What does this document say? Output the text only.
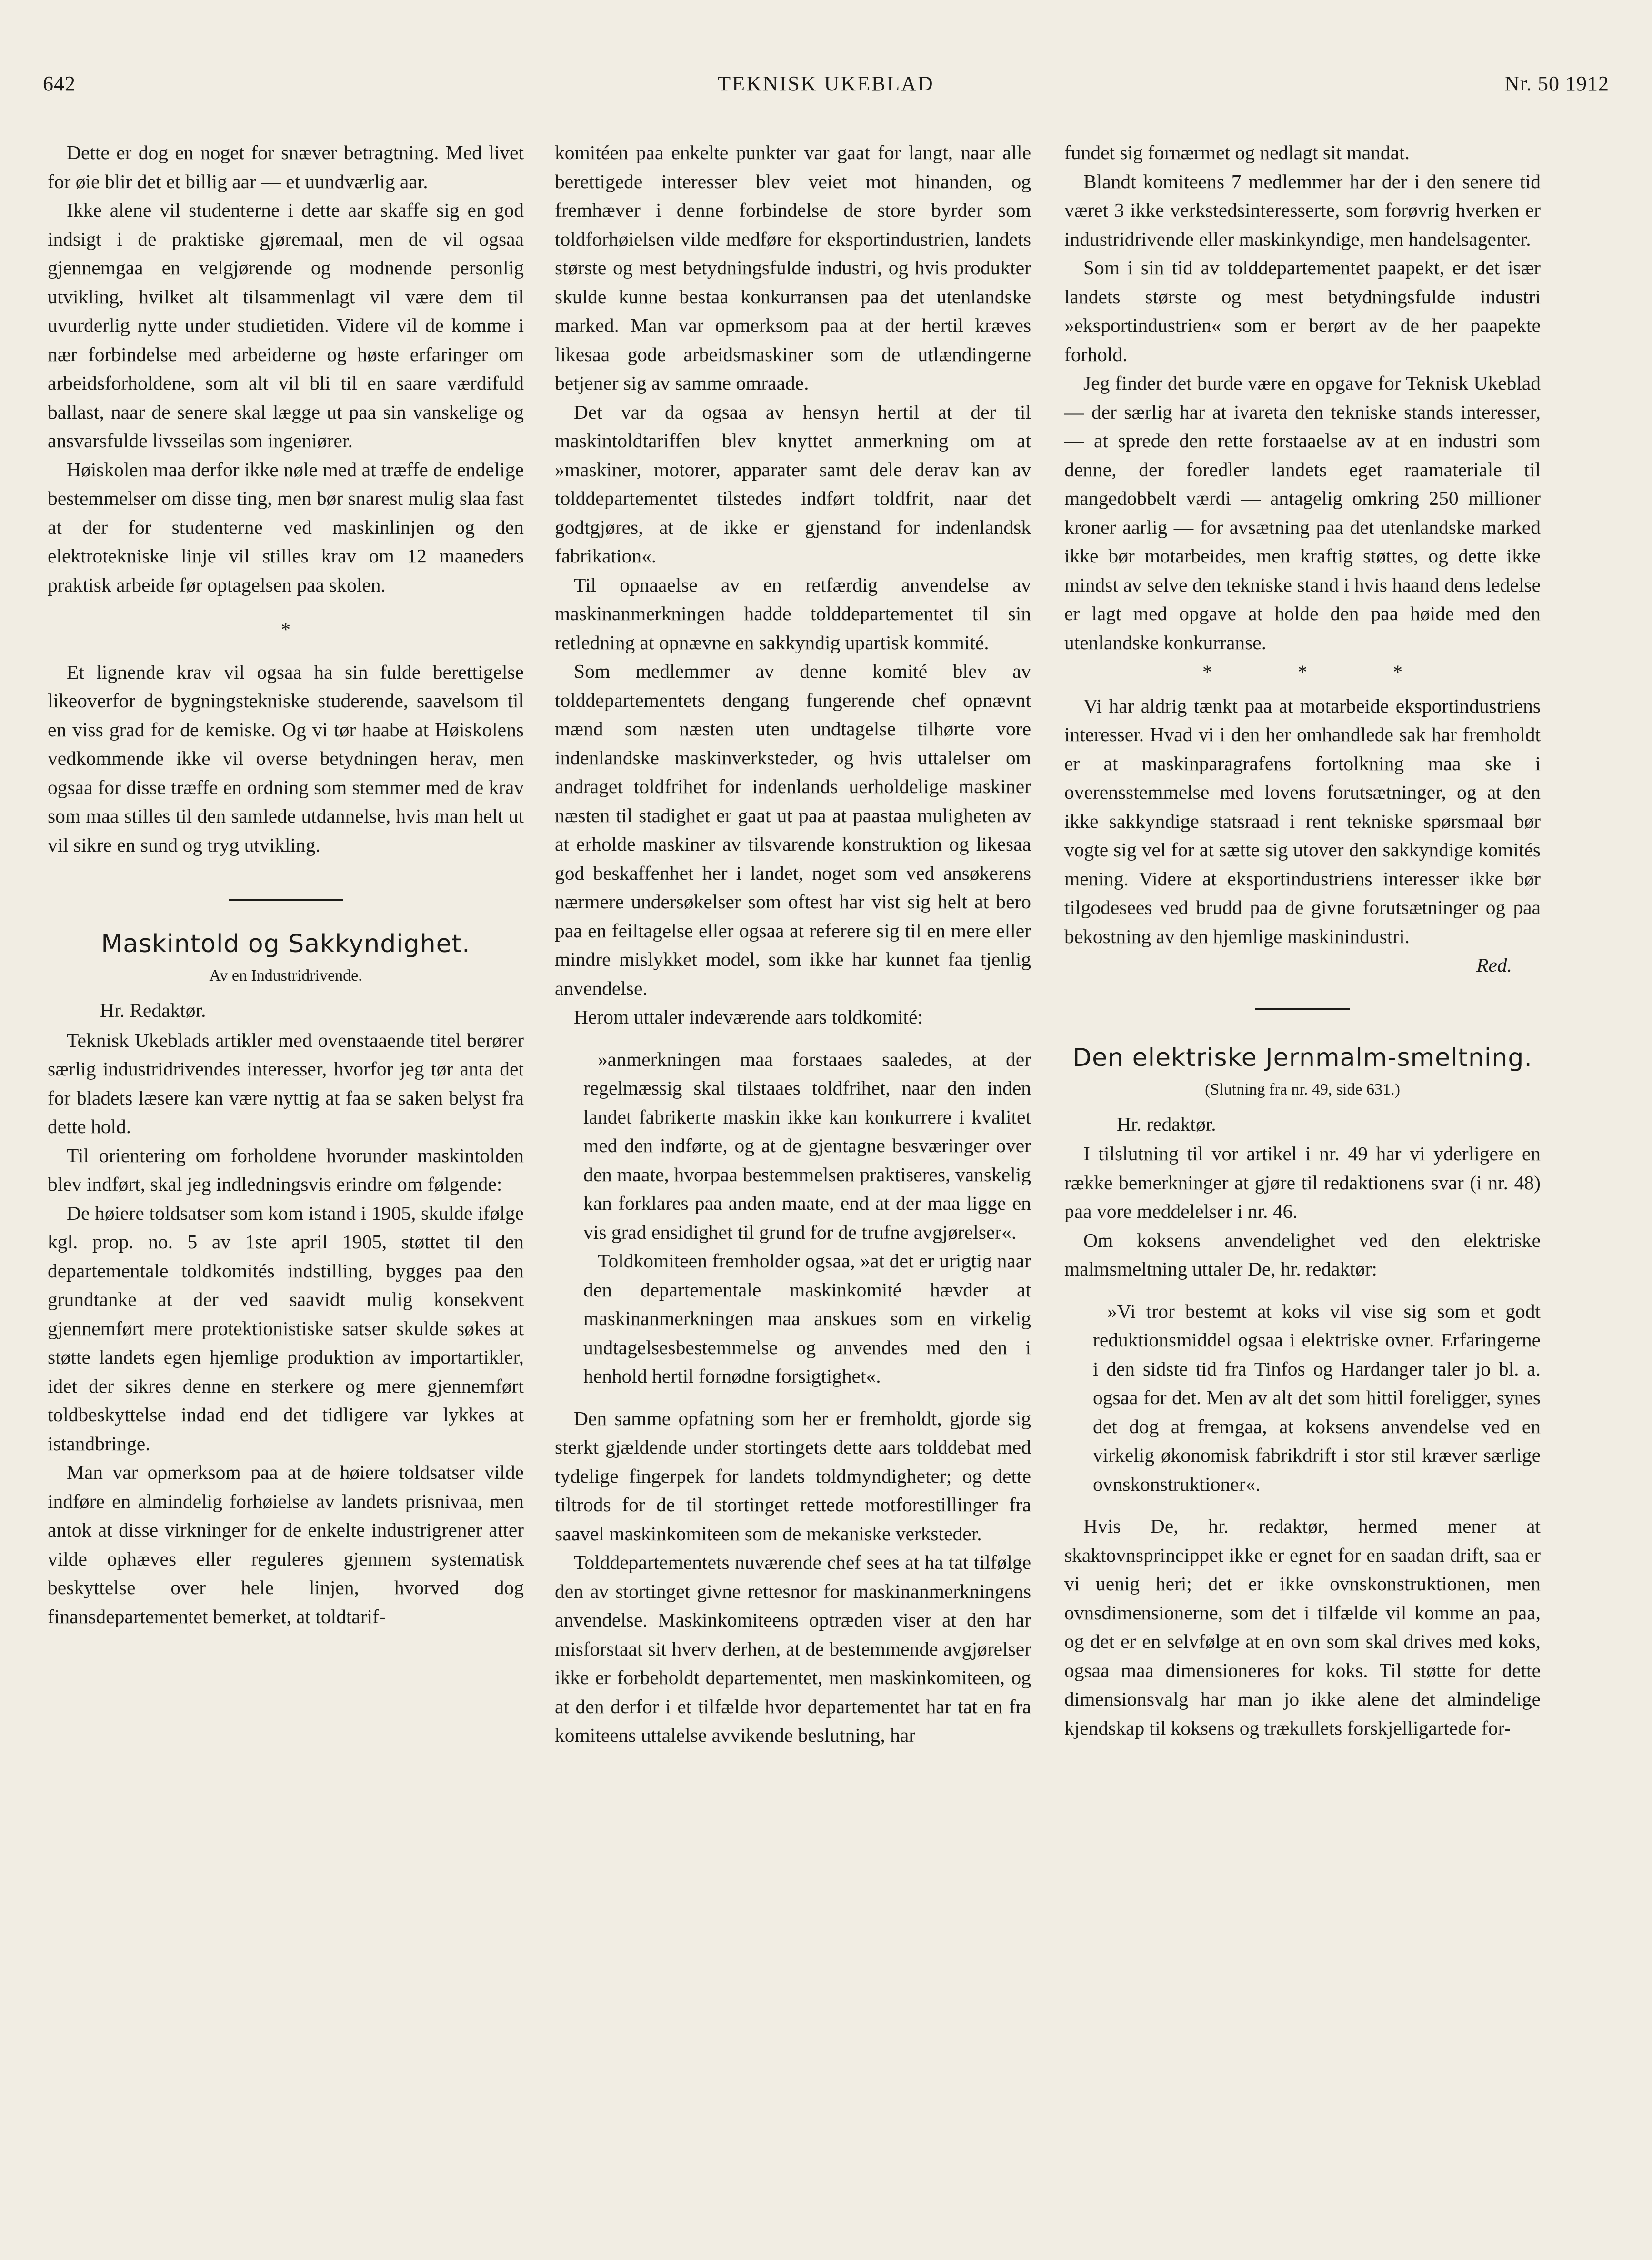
642	TEKNISK UKEBLAD	Nr. 50 1912

Dette er dog en noget for snæver betragtning. Med livet for øie blir det et billig aar — et uundværlig aar.

Ikke alene vil studenterne i dette aar skaffe sig en god indsigt i de praktiske gjøremaal, men de vil ogsaa gjennemgaa en velgjørende og modnende personlig utvikling, hvilket alt tilsammenlagt vil være dem til uvurderlig nytte under studietiden. Videre vil de komme i nær forbindelse med arbeiderne og høste erfaringer om arbeidsforholdene, som alt vil bli til en saare værdifuld ballast, naar de senere skal lægge ut paa sin vanskelige og ansvarsfulde livsseilas som ingeniører.

Høiskolen maa derfor ikke nøle med at træffe de endelige bestemmelser om disse ting, men bør snarest mulig slaa fast at der for studenterne ved maskinlinjen og den elektrotekniske linje vil stilles krav om 12 maaneders praktisk arbeide før optagelsen paa skolen.

*

Et lignende krav vil ogsaa ha sin fulde berettigelse likeoverfor de bygningstekniske studerende, saavelsom til en viss grad for de kemiske. Og vi tør haabe at Høiskolens vedkommende ikke vil overse betydningen herav, men ogsaa for disse træffe en ordning som stemmer med de krav som maa stilles til den samlede utdannelse, hvis man helt ut vil sikre en sund og tryg utvikling.

Maskintold og Sakkyndighet.
Av en Industridrivende.

Hr. Redaktør.

Teknisk Ukeblads artikler med ovenstaaende titel berører særlig industridrivendes interesser, hvorfor jeg tør anta det for bladets læsere kan være nyttig at faa se saken belyst fra dette hold.

Til orientering om forholdene hvorunder maskintolden blev indført, skal jeg indledningsvis erindre om følgende:

De høiere toldsatser som kom istand i 1905, skulde ifølge kgl. prop. no. 5 av 1ste april 1905, støttet til den departementale toldkomités indstilling, bygges paa den grundtanke at der ved saavidt mulig konsekvent gjennemført mere protektionistiske satser skulde søkes at støtte landets egen hjemlige produktion av importartikler, idet der sikres denne en sterkere og mere gjennemført toldbeskyttelse indad end det tidligere var lykkes at istandbringe.

Man var opmerksom paa at de høiere toldsatser vilde indføre en almindelig forhøielse av landets prisnivaa, men antok at disse virkninger for de enkelte industrigrener atter vilde ophæves eller reguleres gjennem systematisk beskyttelse over hele linjen, hvorved dog finansdepartementet bemerket, at toldtarif-

komitéen paa enkelte punkter var gaat for langt, naar alle berettigede interesser blev veiet mot hinanden, og fremhæver i denne forbindelse de store byrder som toldforhøielsen vilde medføre for eksportindustrien, landets største og mest betydningsfulde industri, og hvis produkter skulde kunne bestaa konkurransen paa det utenlandske marked. Man var opmerksom paa at der hertil kræves likesaa gode arbeidsmaskiner som de utlændingerne betjener sig av samme omraade.

Det var da ogsaa av hensyn hertil at der til maskintoldtariffen blev knyttet anmerkning om at »maskiner, motorer, apparater samt dele derav kan av tolddepartementet tilstedes indført toldfrit, naar det godtgjøres, at de ikke er gjenstand for indenlandsk fabrikation«.

Til opnaaelse av en retfærdig anvendelse av maskinanmerkningen hadde tolddepartementet til sin retledning at opnævne en sakkyndig upartisk kommité.

Som medlemmer av denne komité blev av tolddepartementets dengang fungerende chef opnævnt mænd som næsten uten undtagelse tilhørte vore indenlandske maskinverksteder, og hvis uttalelser om andraget toldfrihet for indenlands uerholdelige maskiner næsten til stadighet er gaat ut paa at paastaa muligheten av at erholde maskiner av tilsvarende konstruktion og likesaa god beskaffenhet her i landet, noget som ved ansøkerens nærmere undersøkelser som oftest har vist sig helt at bero paa en feiltagelse eller ogsaa at referere sig til en mere eller mindre mislykket model, som ikke har kunnet faa tjenlig anvendelse.

Herom uttaler indeværende aars toldkomité:

»anmerkningen maa forstaaes saaledes, at der regelmæssig skal tilstaaes toldfrihet, naar den inden landet fabrikerte maskin ikke kan konkurrere i kvalitet med den indførte, og at de gjentagne besværinger over den maate, hvorpaa bestemmelsen praktiseres, vanskelig kan forklares paa anden maate, end at der maa ligge en vis grad ensidighet til grund for de trufne avgjørelser«.

Toldkomiteen fremholder ogsaa, »at det er urigtig naar den departementale maskinkomité hævder at maskinanmerkningen maa anskues som en virkelig undtagelsesbestemmelse og anvendes med den i henhold hertil fornødne forsigtighet«.

Den samme opfatning som her er fremholdt, gjorde sig sterkt gjældende under stortingets dette aars tolddebat med tydelige fingerpek for landets toldmyndigheter; og dette tiltrods for de til stortinget rettede motforestillinger fra saavel maskinkomiteen som de mekaniske verksteder.

Tolddepartementets nuværende chef sees at ha tat tilfølge den av stortinget givne rettesnor for maskinanmerkningens anvendelse. Maskinkomiteens optræden viser at den har misforstaat sit hverv derhen, at de bestemmende avgjørelser ikke er forbeholdt departementet, men maskinkomiteen, og at den derfor i et tilfælde hvor departementet har tat en fra komiteens uttalelse avvikende beslutning, har

fundet sig fornærmet og nedlagt sit mandat.

Blandt komiteens 7 medlemmer har der i den senere tid været 3 ikke verkstedsinteresserte, som forøvrig hverken er industridrivende eller maskinkyndige, men handelsagenter.

Som i sin tid av tolddepartementet paapekt, er det især landets største og mest betydningsfulde industri »eksportindustrien« som er berørt av de her paapekte forhold.

Jeg finder det burde være en opgave for Teknisk Ukeblad — der særlig har at ivareta den tekniske stands interesser, — at sprede den rette forstaaelse av at en industri som denne, der foredler landets eget raamateriale til mangedobbelt værdi — antagelig omkring 250 millioner kroner aarlig — for avsætning paa det utenlandske marked ikke bør motarbeides, men kraftig støttes, og dette ikke mindst av selve den tekniske stand i hvis haand dens ledelse er lagt med opgave at holde den paa høide med den utenlandske konkurranse.

*	*	*

Vi har aldrig tænkt paa at motarbeide eksportindustriens interesser. Hvad vi i den her omhandlede sak har fremholdt er at maskinparagrafens fortolkning maa ske i overensstemmelse med lovens forutsætninger, og at den ikke sakkyndige statsraad i rent tekniske spørsmaal bør vogte sig vel for at sætte sig utover den sakkyndige komités mening. Videre at eksportindustriens interesser ikke bør tilgodesees ved brudd paa de givne forutsætninger og paa bekostning av den hjemlige maskinindustri.

Red.
Den elektriske Jernmalm-smeltning.
(Slutning fra nr. 49, side 631.)

Hr. redaktør.

I tilslutning til vor artikel i nr. 49 har vi yderligere en række bemerkninger at gjøre til redaktionens svar (i nr. 48) paa vore meddelelser i nr. 46.

Om koksens anvendelighet ved den elektriske malmsmeltning uttaler De, hr. redaktør:

»Vi tror bestemt at koks vil vise sig som et godt reduktionsmiddel ogsaa i elektriske ovner. Erfaringerne i den sidste tid fra Tinfos og Hardanger taler jo bl. a. ogsaa for det. Men av alt det som hittil foreligger, synes det dog at fremgaa, at koksens anvendelse ved en virkelig økonomisk fabrikdrift i stor stil kræver særlige ovnskonstruktioner«.

Hvis De, hr. redaktør, hermed mener at skaktovnsprincippet ikke er egnet for en saadan drift, saa er vi uenig heri; det er ikke ovnskonstruktionen, men ovnsdimensionerne, som det i tilfælde vil komme an paa, og det er en selvfølge at en ovn som skal drives med koks, ogsaa maa dimensioneres for koks. Til støtte for dette dimensionsvalg har man jo ikke alene det almindelige kjendskap til koksens og trækullets forskjelligartede for-
